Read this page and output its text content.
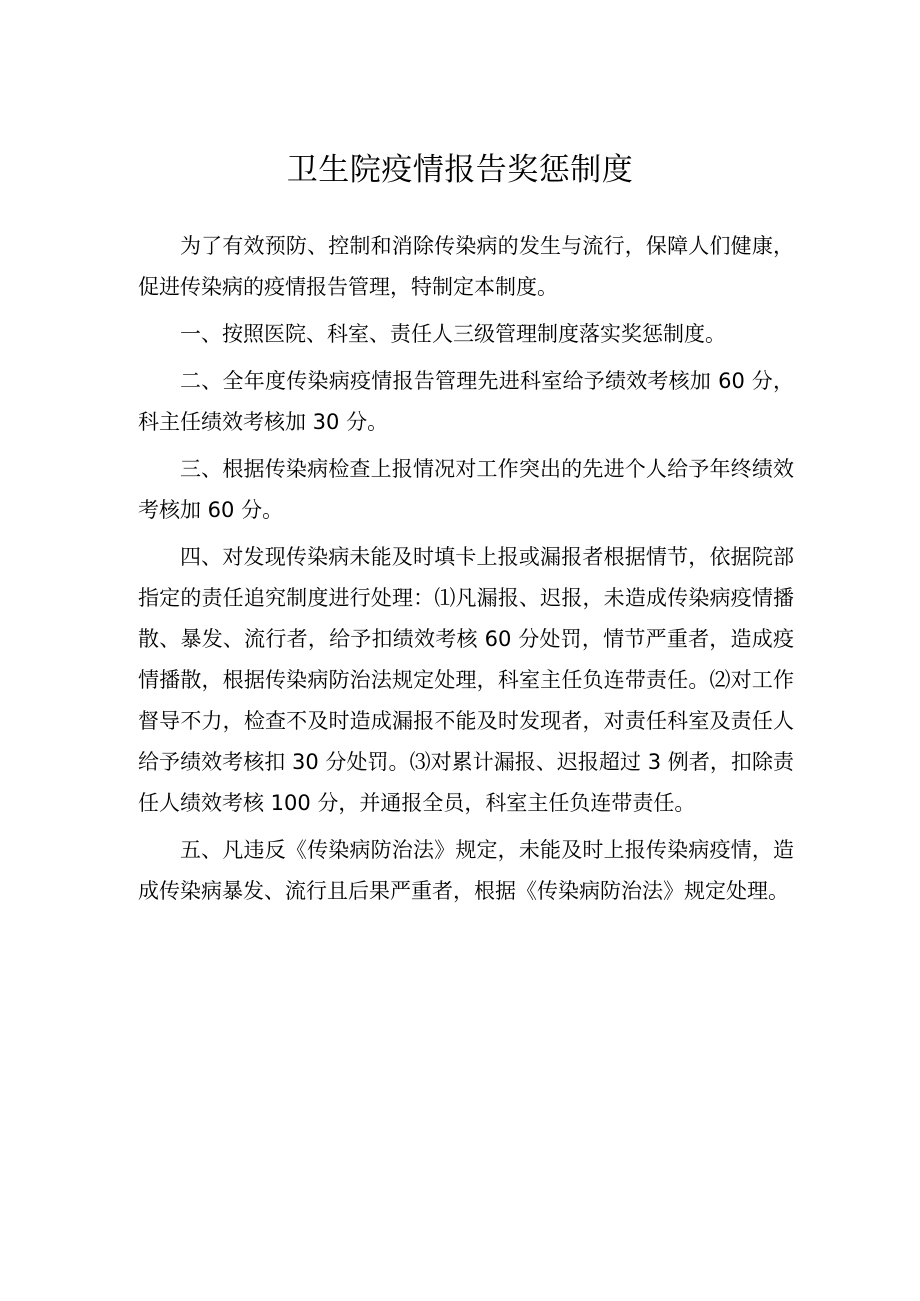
卫生院疫情报告奖惩制度

为了有效预防、控制和消除传染病的发生与流行，保障人们健康，促进传染病的疫情报告管理，特制定本制度。

一、按照医院、科室、责任人三级管理制度落实奖惩制度。

二、全年度传染病疫情报告管理先进科室给予绩效考核加 60 分，科主任绩效考核加 30 分。

三、根据传染病检查上报情况对工作突出的先进个人给予年终绩效考核加 60 分。

四、对发现传染病未能及时填卡上报或漏报者根据情节，依据院部指定的责任追究制度进行处理：⑴凡漏报、迟报，未造成传染病疫情播散、暴发、流行者，给予扣绩效考核 60 分处罚，情节严重者，造成疫情播散，根据传染病防治法规定处理，科室主任负连带责任。⑵对工作督导不力，检查不及时造成漏报不能及时发现者，对责任科室及责任人给予绩效考核扣 30 分处罚。⑶对累计漏报、迟报超过 3 例者，扣除责任人绩效考核 100 分，并通报全员，科室主任负连带责任。

五、凡违反《传染病防治法》规定，未能及时上报传染病疫情，造成传染病暴发、流行且后果严重者，根据《传染病防治法》规定处理。
